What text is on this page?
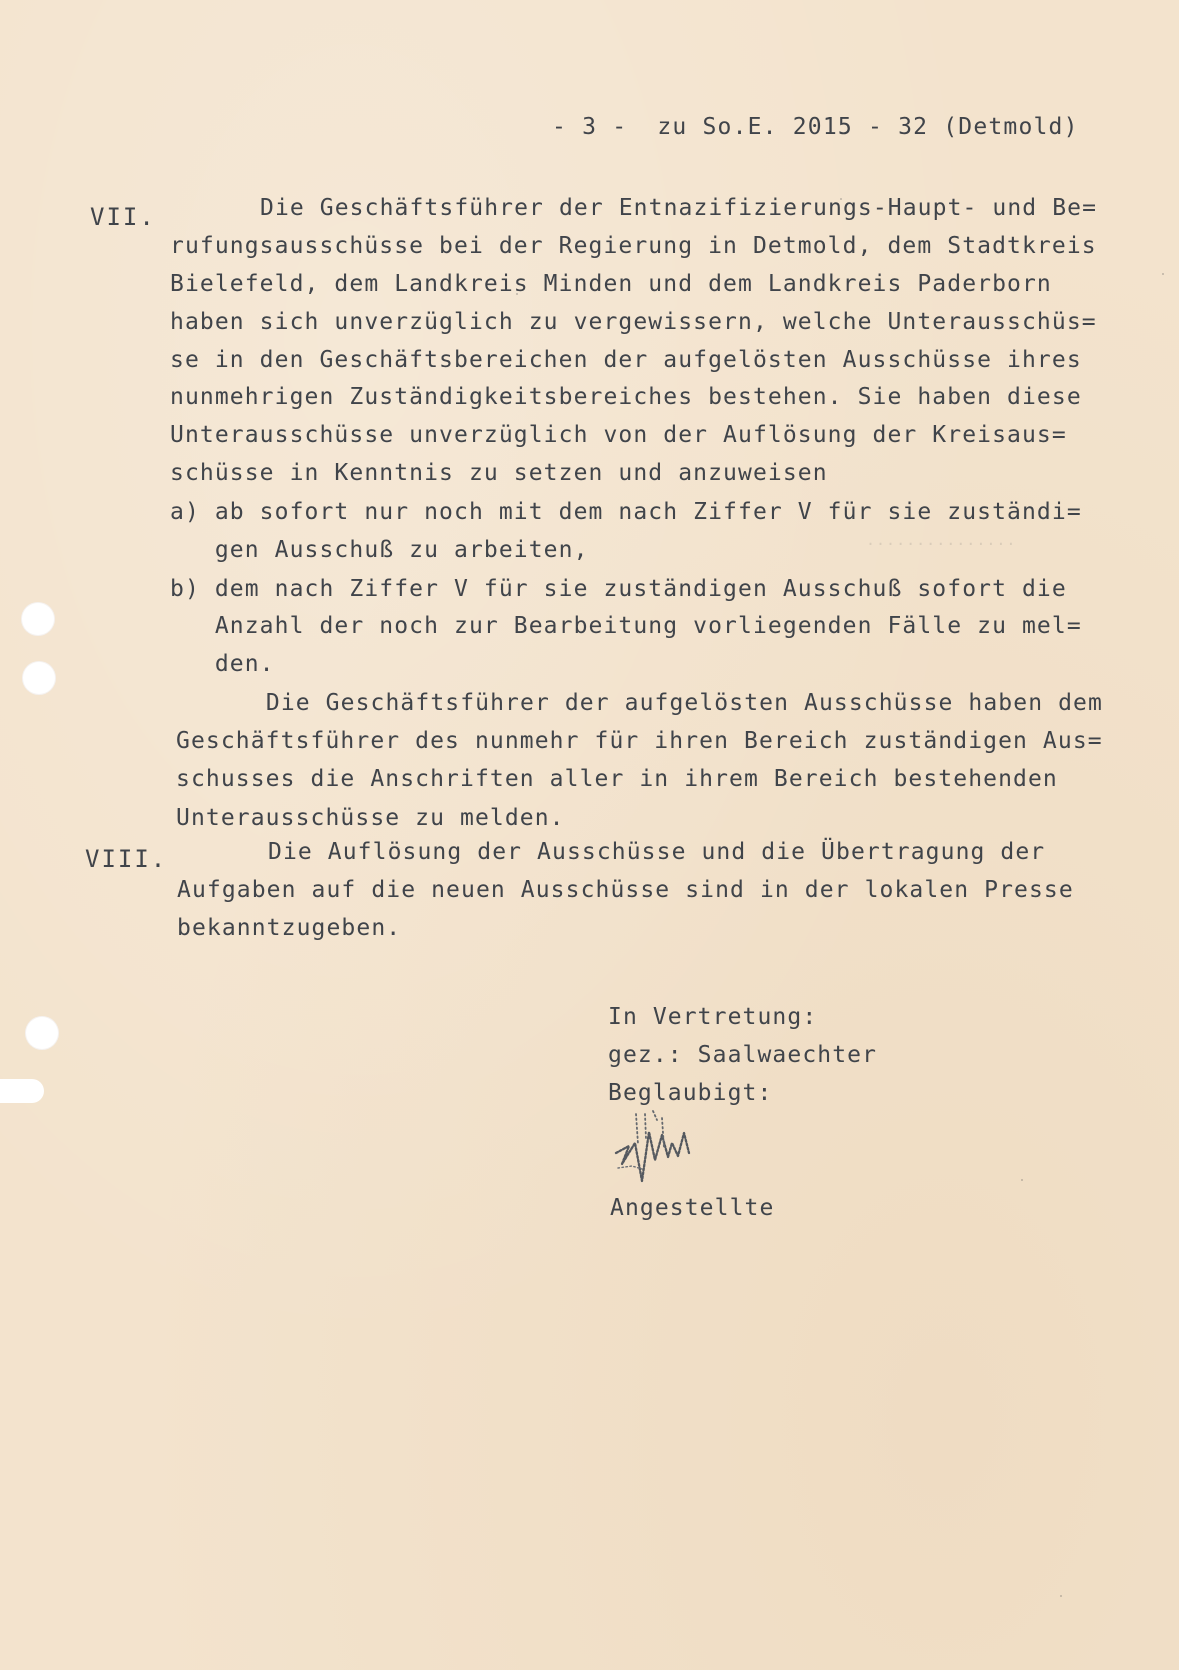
...............

- 3 -  zu So.E. 2015 - 32 (Detmold)

VII.	Die Geschäftsführer der Entnazifizierungs-Haupt- und Be=

rufungsausschüsse bei der Regierung in Detmold, dem Stadtkreis

Bielefeld, dem Landkreis Minden und dem Landkreis Paderborn

haben sich unverzüglich zu vergewissern, welche Unterausschüs=

se in den Geschäftsbereichen der aufgelösten Ausschüsse ihres

nunmehrigen Zuständigkeitsbereiches bestehen. Sie haben diese

Unterausschüsse unverzüglich von der Auflösung der Kreisaus=

schüsse in Kenntnis zu setzen und anzuweisen

a) ab sofort nur noch mit dem nach Ziffer V für sie zuständi=

gen Ausschuß zu arbeiten,

b) dem nach Ziffer V für sie zuständigen Ausschuß sofort die

Anzahl der noch zur Bearbeitung vorliegenden Fälle zu mel=

den.

Die Geschäftsführer der aufgelösten Ausschüsse haben dem

Geschäftsführer des nunmehr für ihren Bereich zuständigen Aus=

schusses die Anschriften aller in ihrem Bereich bestehenden

Unterausschüsse zu melden.

VIII.	Die Auflösung der Ausschüsse und die Übertragung der

Aufgaben auf die neuen Ausschüsse sind in der lokalen Presse

bekanntzugeben.

In Vertretung:

gez.: Saalwaechter

Beglaubigt:

Angestellte
